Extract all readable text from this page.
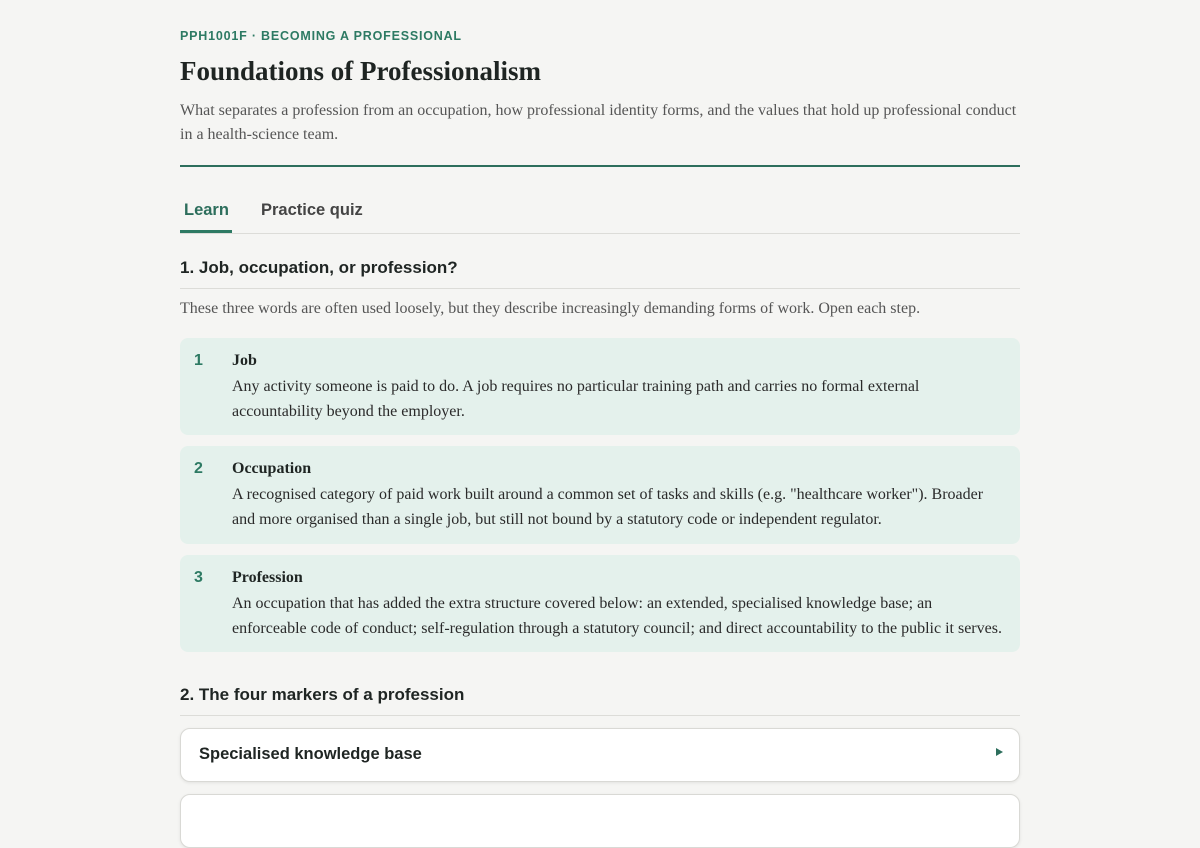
PPH1001F · BECOMING A PROFESSIONAL
Foundations of Professionalism

What separates a profession from an occupation, how professional identity forms, and the values that hold up professional conduct in a health-science team.

Learn Practice quiz
1. Job, occupation, or profession?

These three words are often used loosely, but they describe increasingly demanding forms of work. Open each step.

1 Job

Any activity someone is paid to do. A job requires no particular training path and carries no formal external accountability beyond the employer.

2 Occupation

A recognised category of paid work built around a common set of tasks and skills (e.g. "healthcare worker"). Broader and more organised than a single job, but still not bound by a statutory code or independent regulator.

3 Profession

An occupation that has added the extra structure covered below: an extended, specialised knowledge base; an enforceable code of conduct; self-regulation through a statutory council; and direct accountability to the public it serves.

2. The four markers of a profession
Specialised knowledge base
